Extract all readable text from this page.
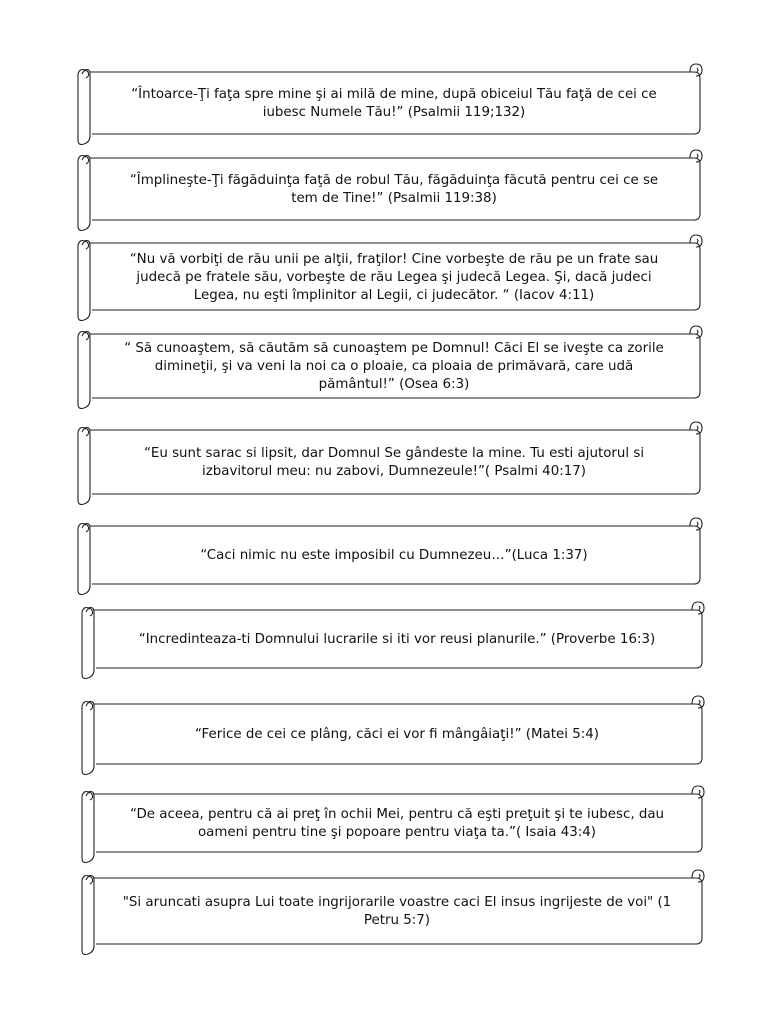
“Întoarce-Ţi faţa spre mine şi ai milă de mine, după obiceiul Tău faţă de cei ce
iubesc Numele Tău!” (Psalmii 119;132)
“Împlineşte-Ţi făgăduinţa faţă de robul Tău, făgăduinţa făcută pentru cei ce se
tem de Tine!” (Psalmii 119:38)
“Nu vă vorbiţi de rău unii pe alţii, fraţilor! Cine vorbeşte de rău pe un frate sau
judecă pe fratele său, vorbeşte de rău Legea şi judecă Legea. Şi, dacă judeci
Legea, nu eşti împlinitor al Legii, ci judecător. “ (Iacov 4:11)
“ Să cunoaştem, să căutăm să cunoaştem pe Domnul! Căci El se iveşte ca zorile
dimineţii, şi va veni la noi ca o ploaie, ca ploaia de primăvară, care udă
pământul!” (Osea 6:3)
“Eu sunt sarac si lipsit, dar Domnul Se gândeste la mine. Tu esti ajutorul si
izbavitorul meu: nu zabovi, Dumnezeule!”( Psalmi 40:17)
“Caci nimic nu este imposibil cu Dumnezeu…”(Luca 1:37)
“Incredinteaza-ti Domnului lucrarile si iti vor reusi planurile.” (Proverbe 16:3)
“Ferice de cei ce plâng, căci ei vor fi mângâiaţi!” (Matei 5:4)
“De aceea, pentru că ai preţ în ochii Mei, pentru că eşti preţuit şi te iubesc, dau
oameni pentru tine şi popoare pentru viaţa ta.”( Isaia 43:4)
"Si aruncati asupra Lui toate ingrijorarile voastre caci El insus ingrijeste de voi" (1
Petru 5:7)
